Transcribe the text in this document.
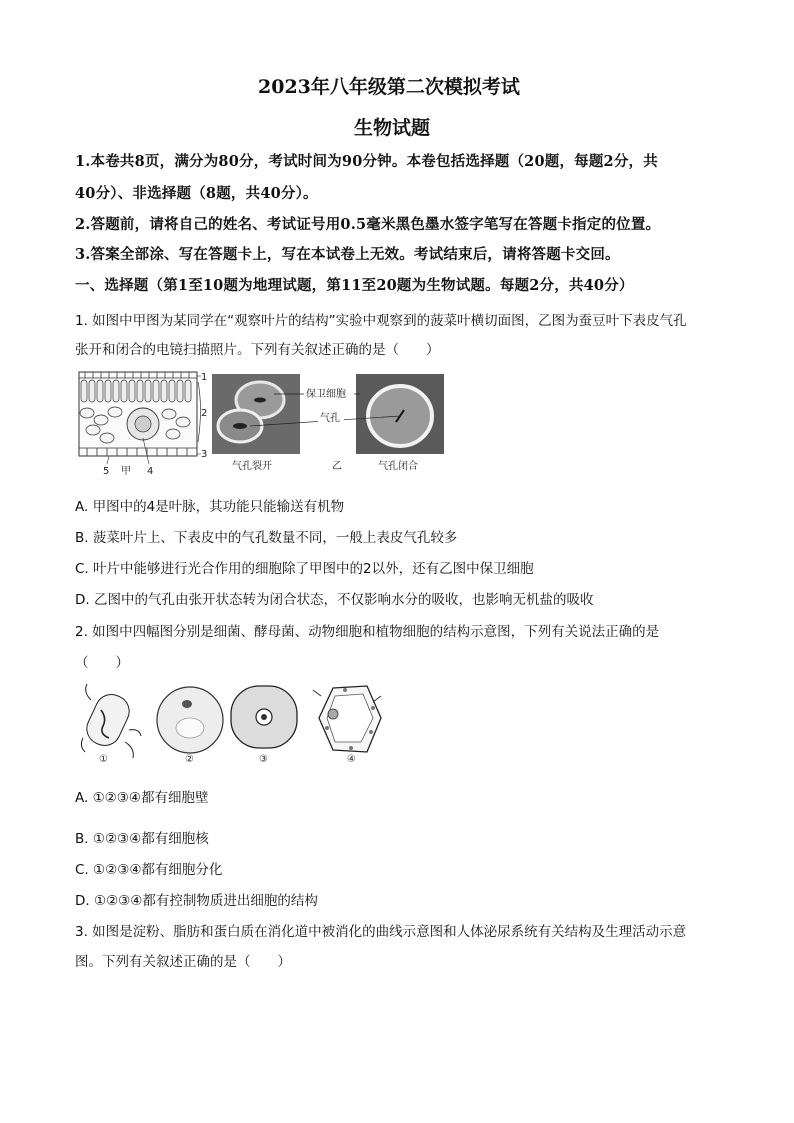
2023年八年级第二次模拟考试
生物试题
1.本卷共8页，满分为80分，考试时间为90分钟。本卷包括选择题（20题，每题2分，共
40分）、非选择题（8题，共40分）。
2.答题前，请将自己的姓名、考试证号用0.5毫米黑色墨水签字笔写在答题卡指定的位置。
3.答案全部涂、写在答题卡上，写在本试卷上无效。考试结束后，请将答题卡交回。
一、选择题（第1至10题为地理试题，第11至20题为生物试题。每题2分，共40分）
1. 如图中甲图为某同学在“观察叶片的结构”实验中观察到的菠菜叶横切面图，乙图为蚕豆叶下表皮气孔
张开和闭合的电镜扫描照片。下列有关叙述正确的是（　　）
1
2
3
5 甲 4
保卫细胞
气孔
气孔裂开	乙	气孔闭合
A. 甲图中的4是叶脉，其功能只能输送有机物
B. 菠菜叶片上、下表皮中的气孔数量不同，一般上表皮气孔较多
C. 叶片中能够进行光合作用的细胞除了甲图中的2以外，还有乙图中保卫细胞
D. 乙图中的气孔由张开状态转为闭合状态，不仅影响水分的吸收，也影响无机盐的吸收
2. 如图中四幅图分别是细菌、酵母菌、动物细胞和植物细胞的结构示意图，下列有关说法正确的是
（　　）
①	②	③	④
A. ①②③④都有细胞壁
B. ①②③④都有细胞核
C. ①②③④都有细胞分化
D. ①②③④都有控制物质进出细胞的结构
3. 如图是淀粉、脂肪和蛋白质在消化道中被消化的曲线示意图和人体泌尿系统有关结构及生理活动示意
图。下列有关叙述正确的是（　　）
